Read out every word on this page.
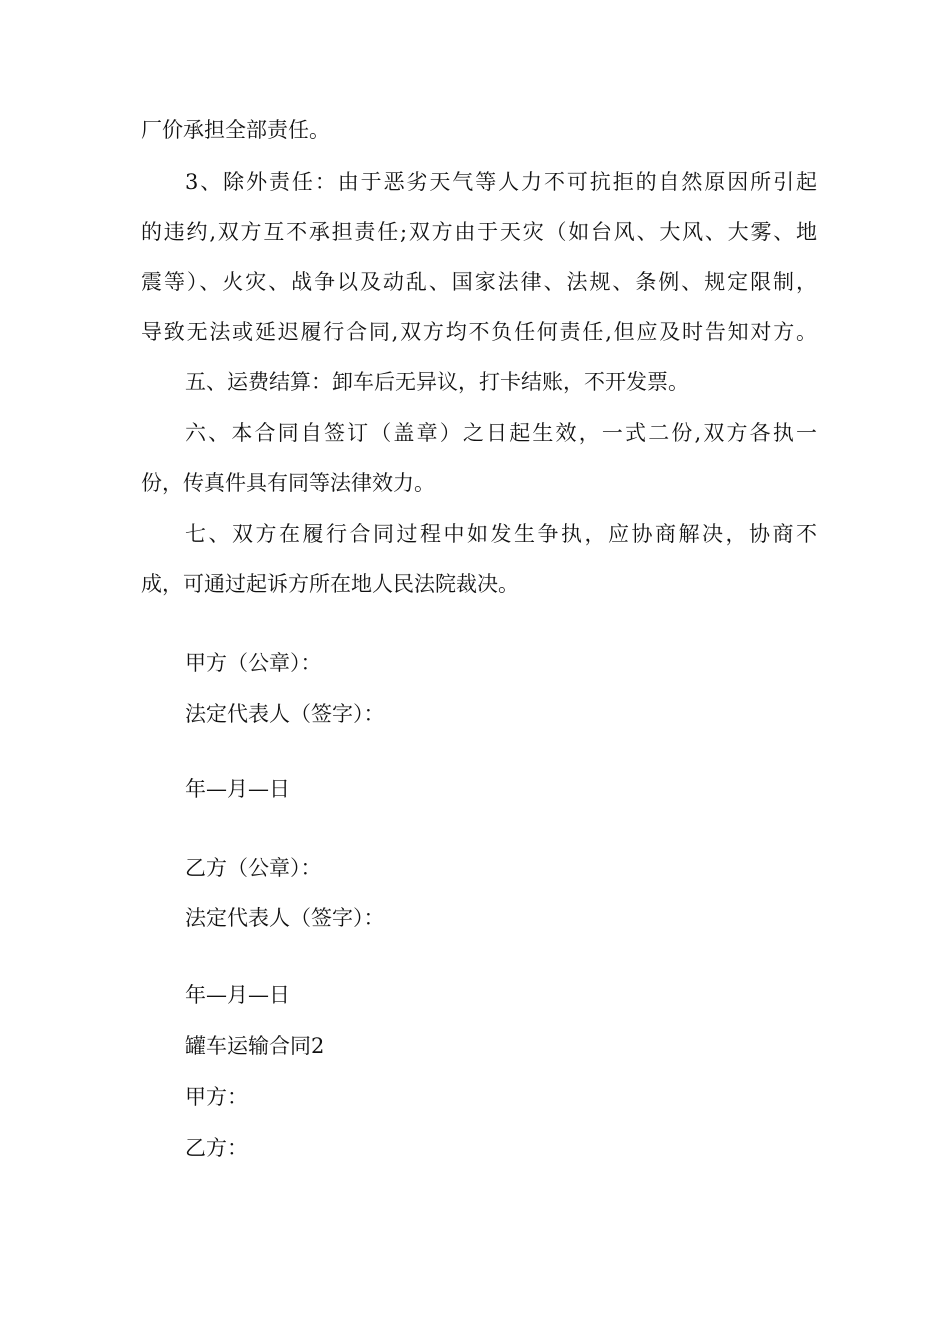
厂价承担全部责任。
3、除外责任：由于恶劣天气等人力不可抗拒的自然原因所引起
的违约,双方互不承担责任;双方由于天灾（如台风、大风、大雾、地
震等）、火灾、战争以及动乱、国家法律、法规、条例、规定限制，
导致无法或延迟履行合同,双方均不负任何责任,但应及时告知对方。
五、运费结算：卸车后无异议，打卡结账，不开发票。
六、本合同自签订（盖章）之日起生效，一式二份,双方各执一
份，传真件具有同等法律效力。
七、双方在履行合同过程中如发生争执，应协商解决，协商不
成，可通过起诉方所在地人民法院裁决。
甲方（公章）：
法定代表人（签字）：
年—月—日
乙方（公章）：
法定代表人（签字）：
年—月—日
罐车运输合同2
甲方：
乙方：
